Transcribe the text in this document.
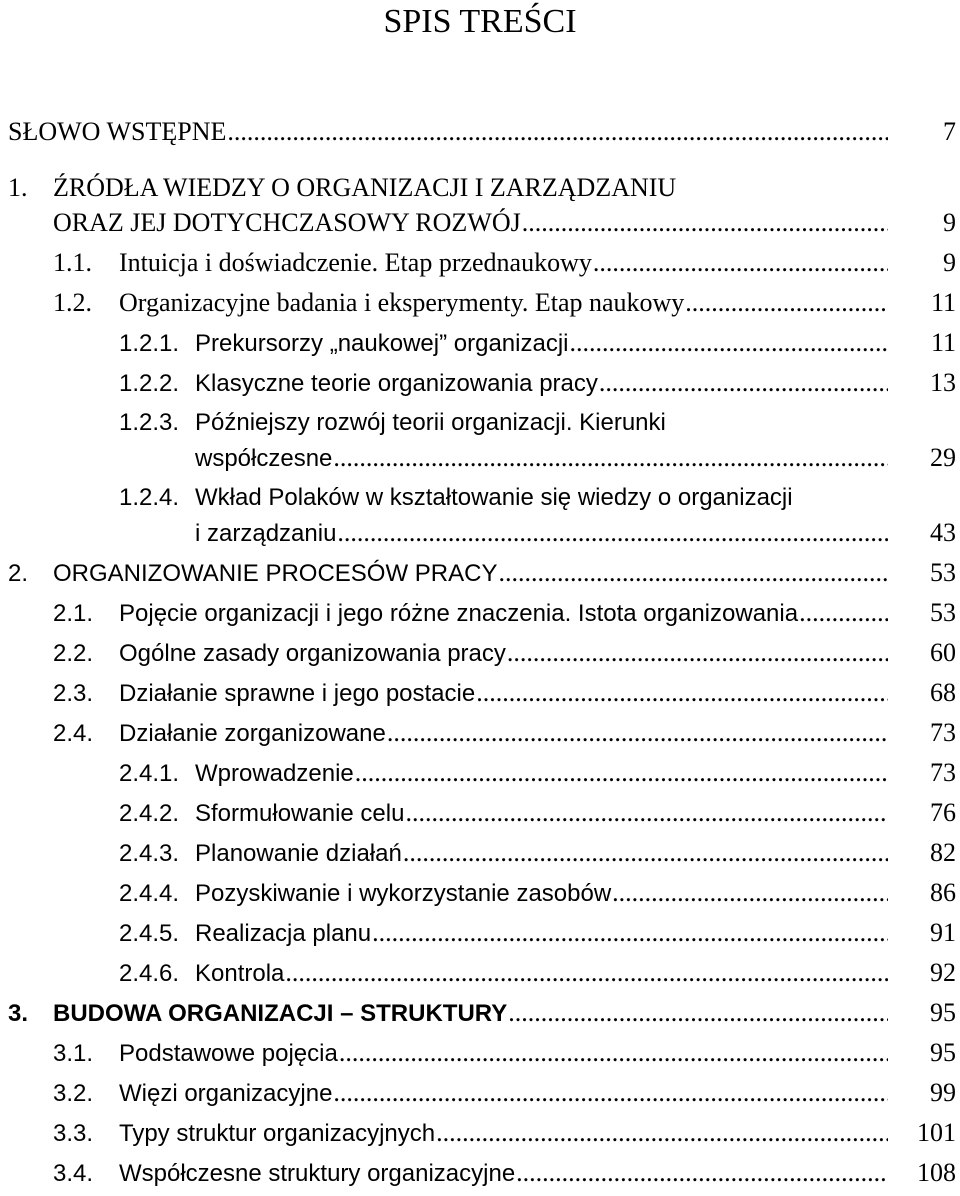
SPIS TREŚCI
SŁOWO WSTĘPNE .....	7
1. ŹRÓDŁA WIEDZY O ORGANIZACJI I ZARZĄDZANIU
ORAZ JEJ DOTYCHCZASOWY ROZWÓJ .....	9
1.1.	Intuicja i doświadczenie. Etap przednaukowy .....	9
1.2.	Organizacyjne badania i eksperymenty. Etap naukowy .....	11
1.2.1. Prekursorzy „naukowej” organizacji .....	11
1.2.2. Klasyczne teorie organizowania pracy .....	13
1.2.3. Późniejszy rozwój teorii organizacji. Kierunki
współczesne .....	29
1.2.4. Wkład Polaków w kształtowanie się wiedzy o organizacji
i zarządzaniu .....	43
2.	ORGANIZOWANIE PROCESÓW PRACY .....	53
2.1.	Pojęcie organizacji i jego różne znaczenia. Istota organizowania .....	53
2.2.	Ogólne zasady organizowania pracy .....	60
2.3.	Działanie sprawne i jego postacie .....	68
2.4.	Działanie zorganizowane .....	73
2.4.1. Wprowadzenie .....	73
2.4.2. Sformułowanie celu .....	76
2.4.3. Planowanie działań .....	82
2.4.4. Pozyskiwanie i wykorzystanie zasobów .....	86
2.4.5. Realizacja planu .....	91
2.4.6. Kontrola .....	92
3.	BUDOWA ORGANIZACJI – STRUKTURY .....	95
3.1.	Podstawowe pojęcia .....	95
3.2.	Więzi organizacyjne .....	99
3.3.	Typy struktur organizacyjnych .....	101
3.4.	Współczesne struktury organizacyjne .....	108
